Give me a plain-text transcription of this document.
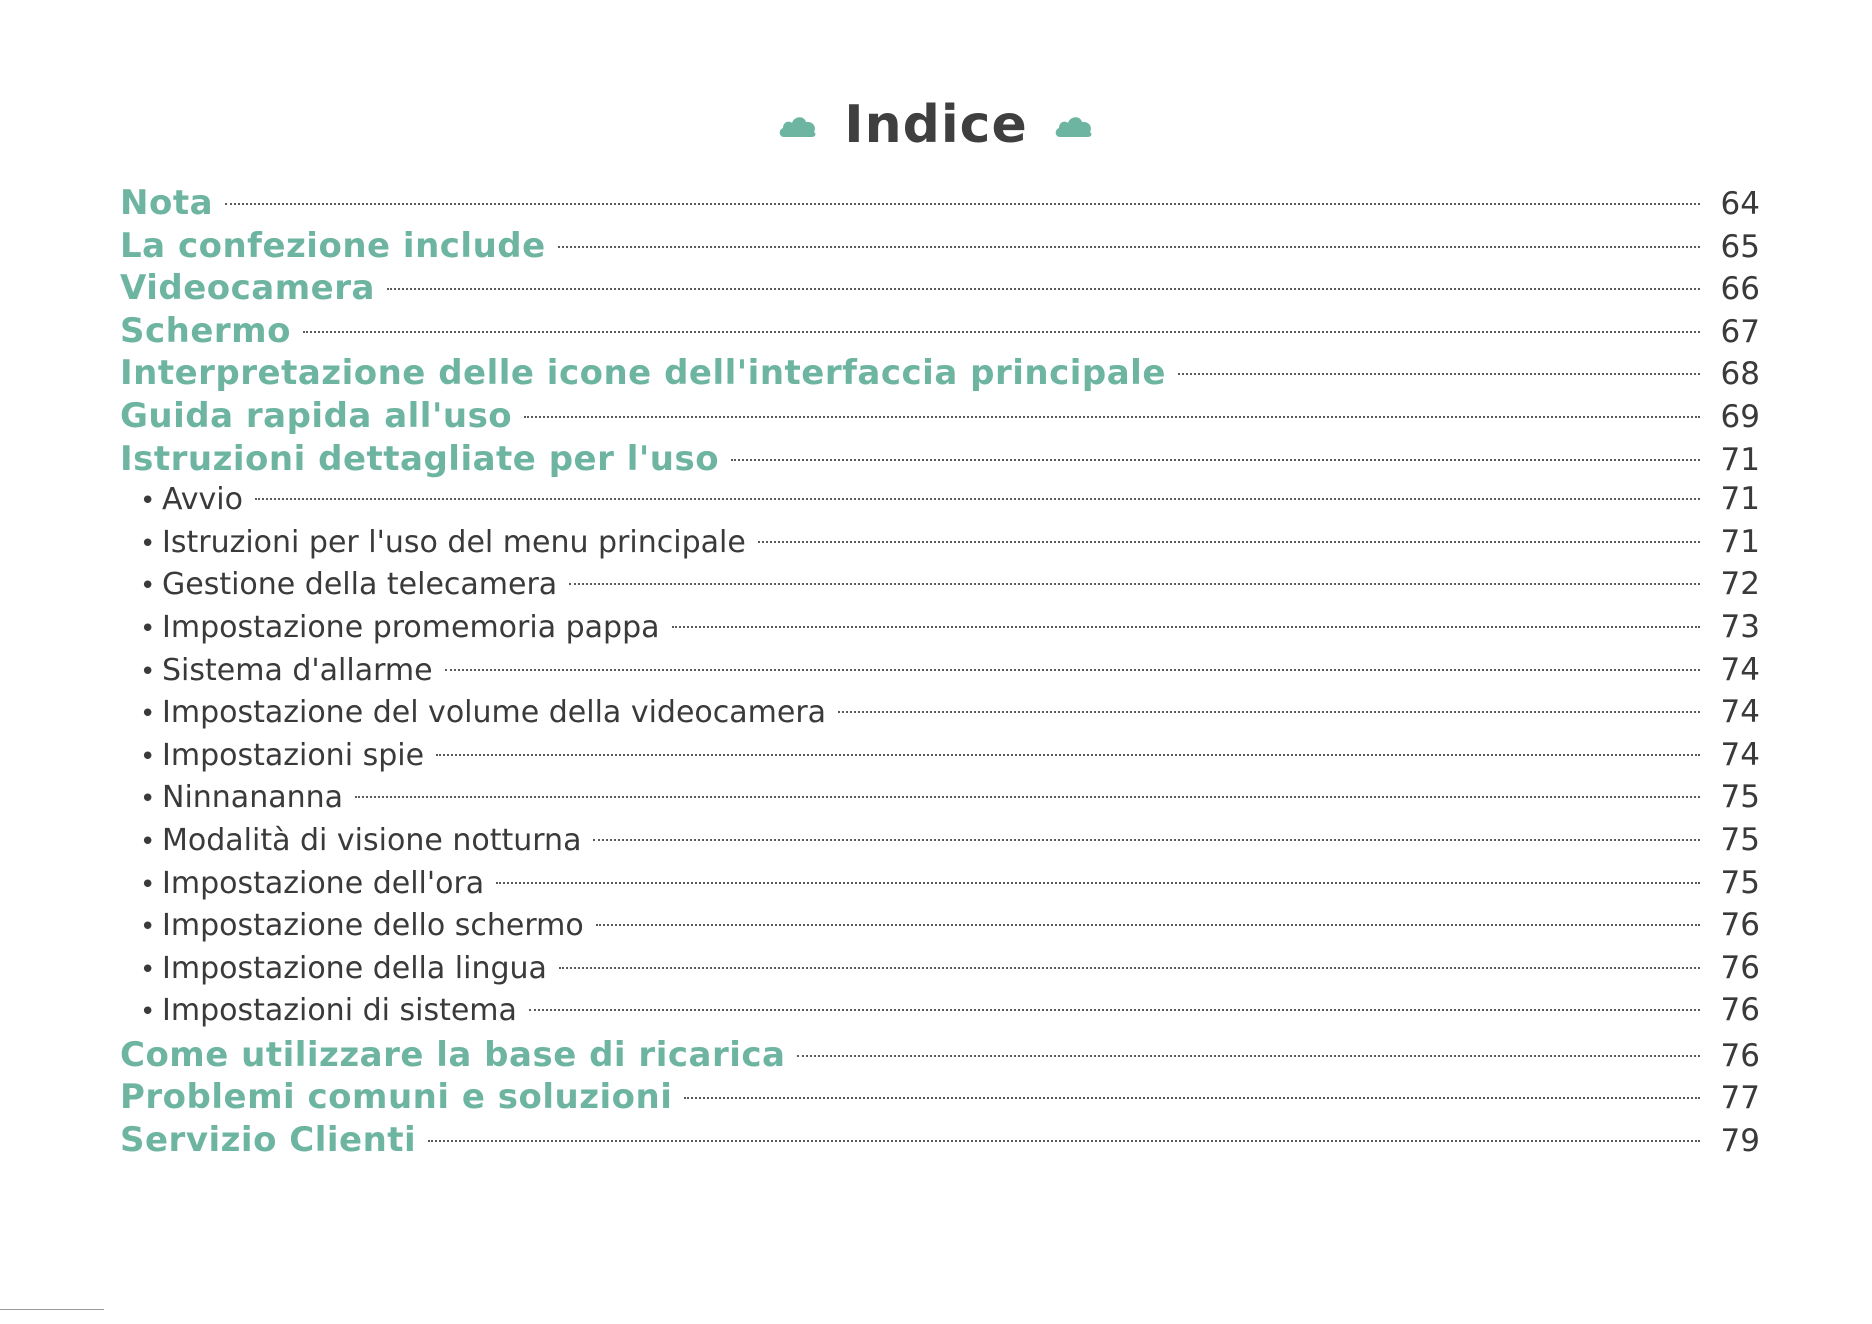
Indice
Nota	64
La confezione include	65
Videocamera	66
Schermo	67
Interpretazione delle icone dell'interfaccia principale	68
Guida rapida all'uso	69
Istruzioni dettagliate per l'uso	71
• Avvio	71
• Istruzioni per l'uso del menu principale	71
• Gestione della telecamera	72
• Impostazione promemoria pappa	73
• Sistema d'allarme	74
• Impostazione del volume della videocamera	74
• Impostazioni spie	74
• Ninnananna	75
• Modalità di visione notturna	75
• Impostazione dell'ora	75
• Impostazione dello schermo	76
• Impostazione della lingua	76
• Impostazioni di sistema	76
Come utilizzare la base di ricarica	76
Problemi comuni e soluzioni	77
Servizio Clienti	79
